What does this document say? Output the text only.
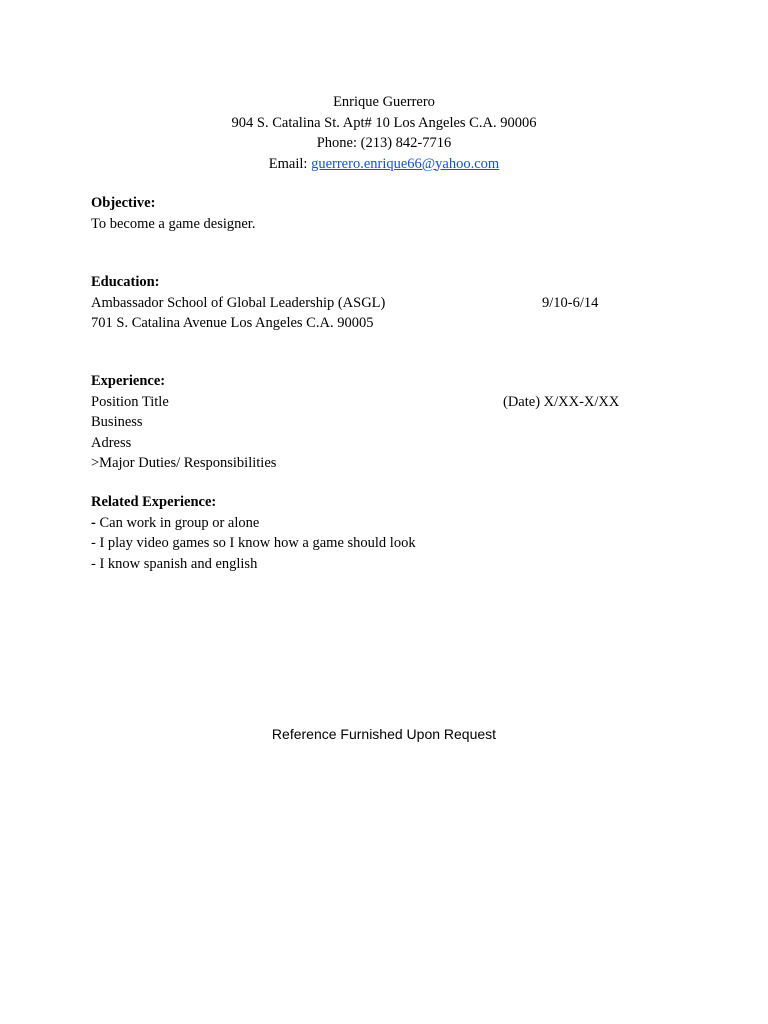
Enrique Guerrero
904 S. Catalina St. Apt# 10 Los Angeles C.A. 90006
Phone: (213) 842-7716
Email: guerrero.enrique66@yahoo.com
Objective:
To become a game designer.
Education:
Ambassador School of Global Leadership (ASGL)	9/10-6/14
701 S. Catalina Avenue Los Angeles C.A. 90005
Experience:
Position Title	(Date) X/XX-X/XX
Business
Adress
>Major Duties/ Responsibilities
Related Experience:
- Can work in group or alone
- I play video games so I know how a game should look
- I know spanish and english
Reference Furnished Upon Request
